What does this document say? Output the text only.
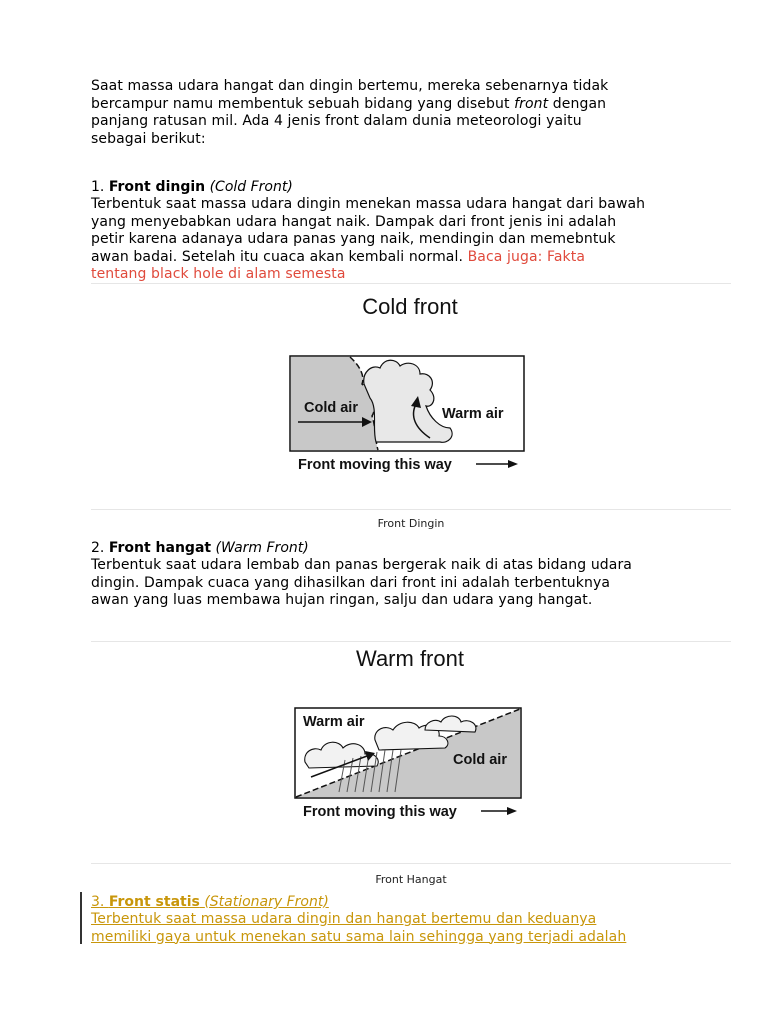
Saat massa udara hangat dan dingin bertemu, mereka sebenarnya tidak
bercampur namu membentuk sebuah bidang yang disebut front dengan
panjang ratusan mil. Ada 4 jenis front dalam dunia meteorologi yaitu
sebagai berikut:
1. Front dingin (Cold Front)
Terbentuk saat massa udara dingin menekan massa udara hangat dari bawah
yang menyebabkan udara hangat naik. Dampak dari front jenis ini adalah
petir karena adanaya udara panas yang naik, mendingin dan memebntuk
awan badai. Setelah itu cuaca akan kembali normal. Baca juga: Fakta
tentang black hole di alam semesta
Cold front
Cold air	Warm air
Front moving this way
Front Dingin
2. Front hangat (Warm Front)
Terbentuk saat udara lembab dan panas bergerak naik di atas bidang udara
dingin. Dampak cuaca yang dihasilkan dari front ini adalah terbentuknya
awan yang luas membawa hujan ringan, salju dan udara yang hangat.
Warm front
Warm air
Cold air
Front moving this way
Front Hangat
3. Front statis (Stationary Front)
Terbentuk saat massa udara dingin dan hangat bertemu dan keduanya
memiliki gaya untuk menekan satu sama lain sehingga yang terjadi adalah
